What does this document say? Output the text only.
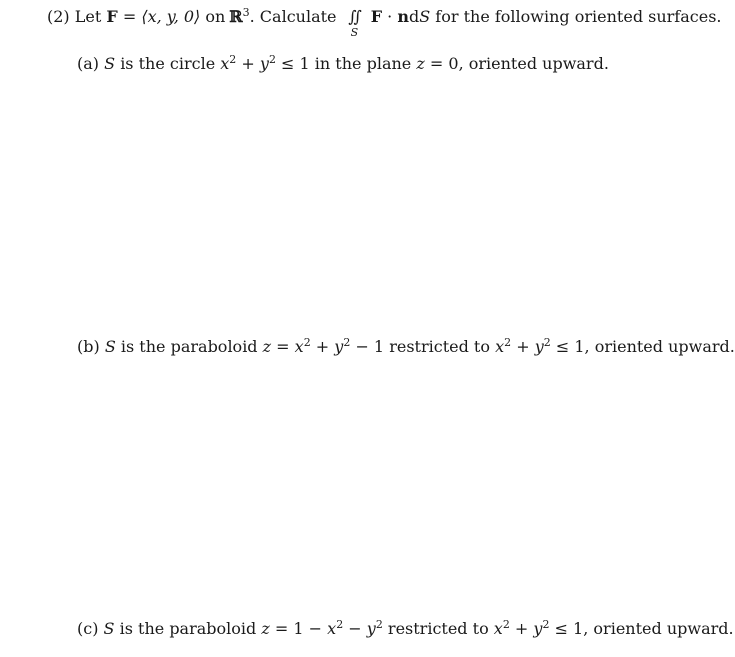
(2) Let F = ⟨x, y, 0⟩ on ℝ$^3$. Calculate ∬
S
F · ndS for the following oriented surfaces.
(a) S is the circle $x^2 + y^2 \le 1$ in the plane z = 0, oriented upward.
(b) S is the paraboloid $z = x^2 + y^2 - 1$ restricted to $x^2 + y^2 \le 1$, oriented upward.
(c) S is the paraboloid $z = 1 - x^2 - y^2$ restricted to $x^2 + y^2 \le 1$, oriented upward.
